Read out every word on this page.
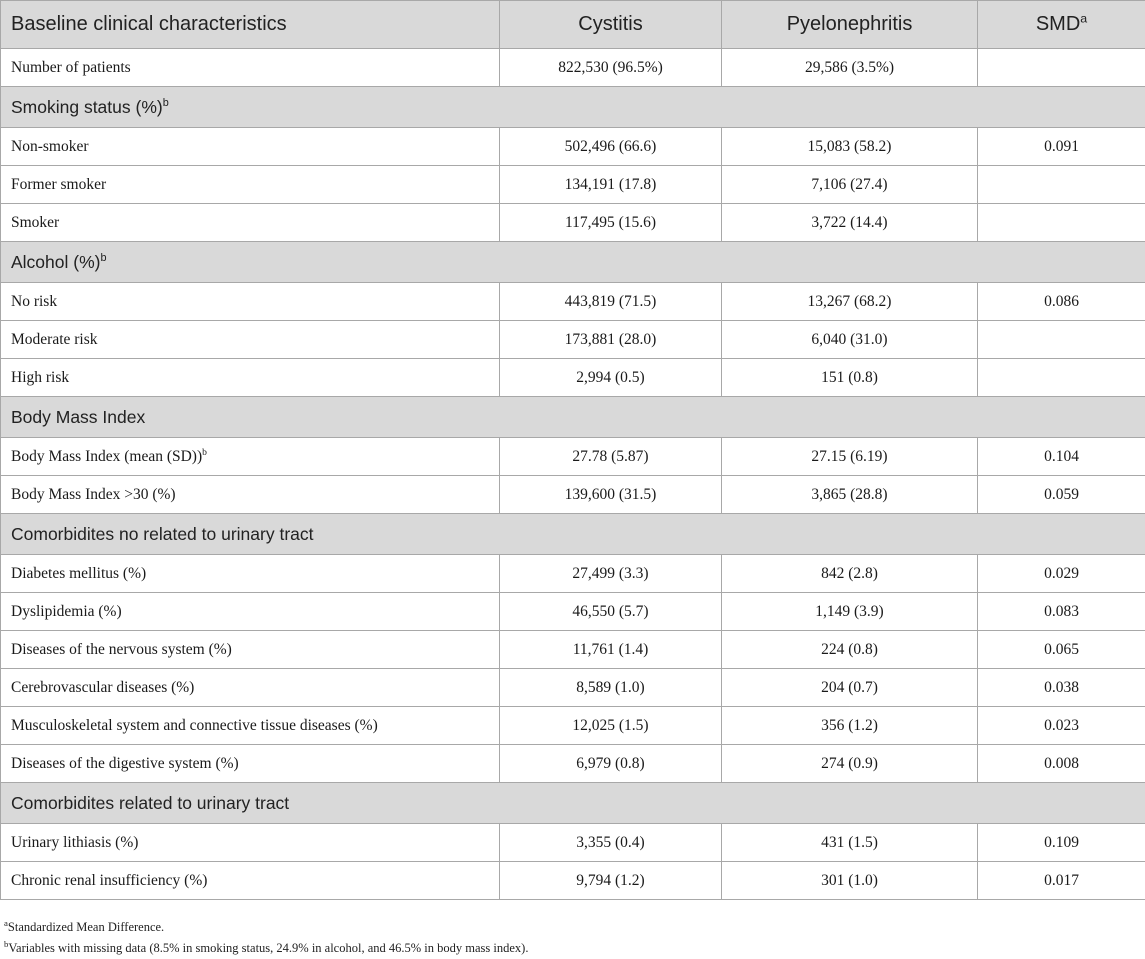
Baseline clinical characteristics	Cystitis	Pyelonephritis	SMD$^a$
Number of patients	822,530 (96.5%)	29,586 (3.5%)	
Smoking status (%)$^b$
Non-smoker	502,496 (66.6)	15,083 (58.2)	0.091
Former smoker	134,191 (17.8)	7,106 (27.4)	
Smoker	117,495 (15.6)	3,722 (14.4)	
Alcohol (%)$^b$
No risk	443,819 (71.5)	13,267 (68.2)	0.086
Moderate risk	173,881 (28.0)	6,040 (31.0)	
High risk	2,994 (0.5)	151 (0.8)	
Body Mass Index			
Body Mass Index (mean (SD))$^b$	27.78 (5.87)	27.15 (6.19)	0.104
Body Mass Index >30 (%)	139,600 (31.5)	3,865 (28.8)	0.059
Comorbidites no related to urinary tract			
Diabetes mellitus (%)	27,499 (3.3)	842 (2.8)	0.029
Dyslipidemia (%)	46,550 (5.7)	1,149 (3.9)	0.083
Diseases of the nervous system (%)	11,761 (1.4)	224 (0.8)	0.065
Cerebrovascular diseases (%)	8,589 (1.0)	204 (0.7)	0.038
Musculoskeletal system and connective tissue diseases (%)	12,025 (1.5)	356 (1.2)	0.023
Diseases of the digestive system (%)	6,979 (0.8)	274 (0.9)	0.008
Comorbidites related to urinary tract			
Urinary lithiasis (%)	3,355 (0.4)	431 (1.5)	0.109
Chronic renal insufficiency (%)	9,794 (1.2)	301 (1.0)	0.017
$^a$Standardized Mean Difference.
$^b$Variables with missing data (8.5% in smoking status, 24.9% in alcohol, and 46.5% in body mass index).
